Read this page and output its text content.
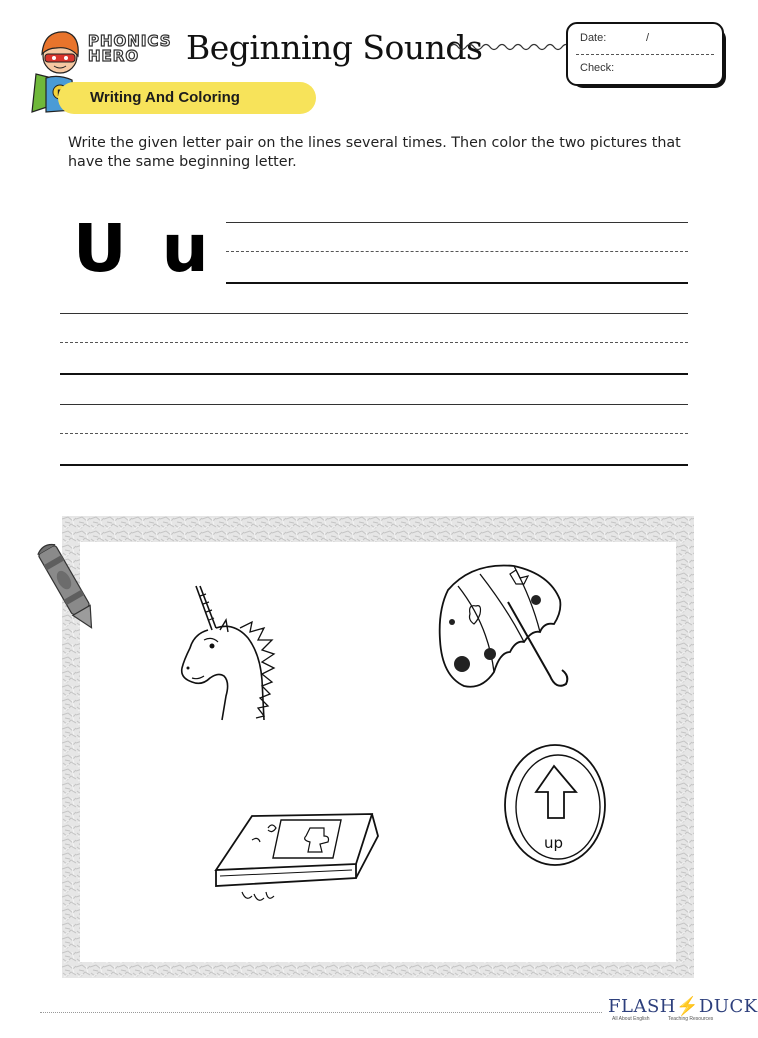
PHONICS
HERO	Beginning Sounds	Date:	/
Check:
Writing And Coloring
Write the given letter pair on the lines several times. Then color the two pictures that have the same beginning letter.
U u
up
FLASH⚡DUCK
All About English	Teaching Resources
